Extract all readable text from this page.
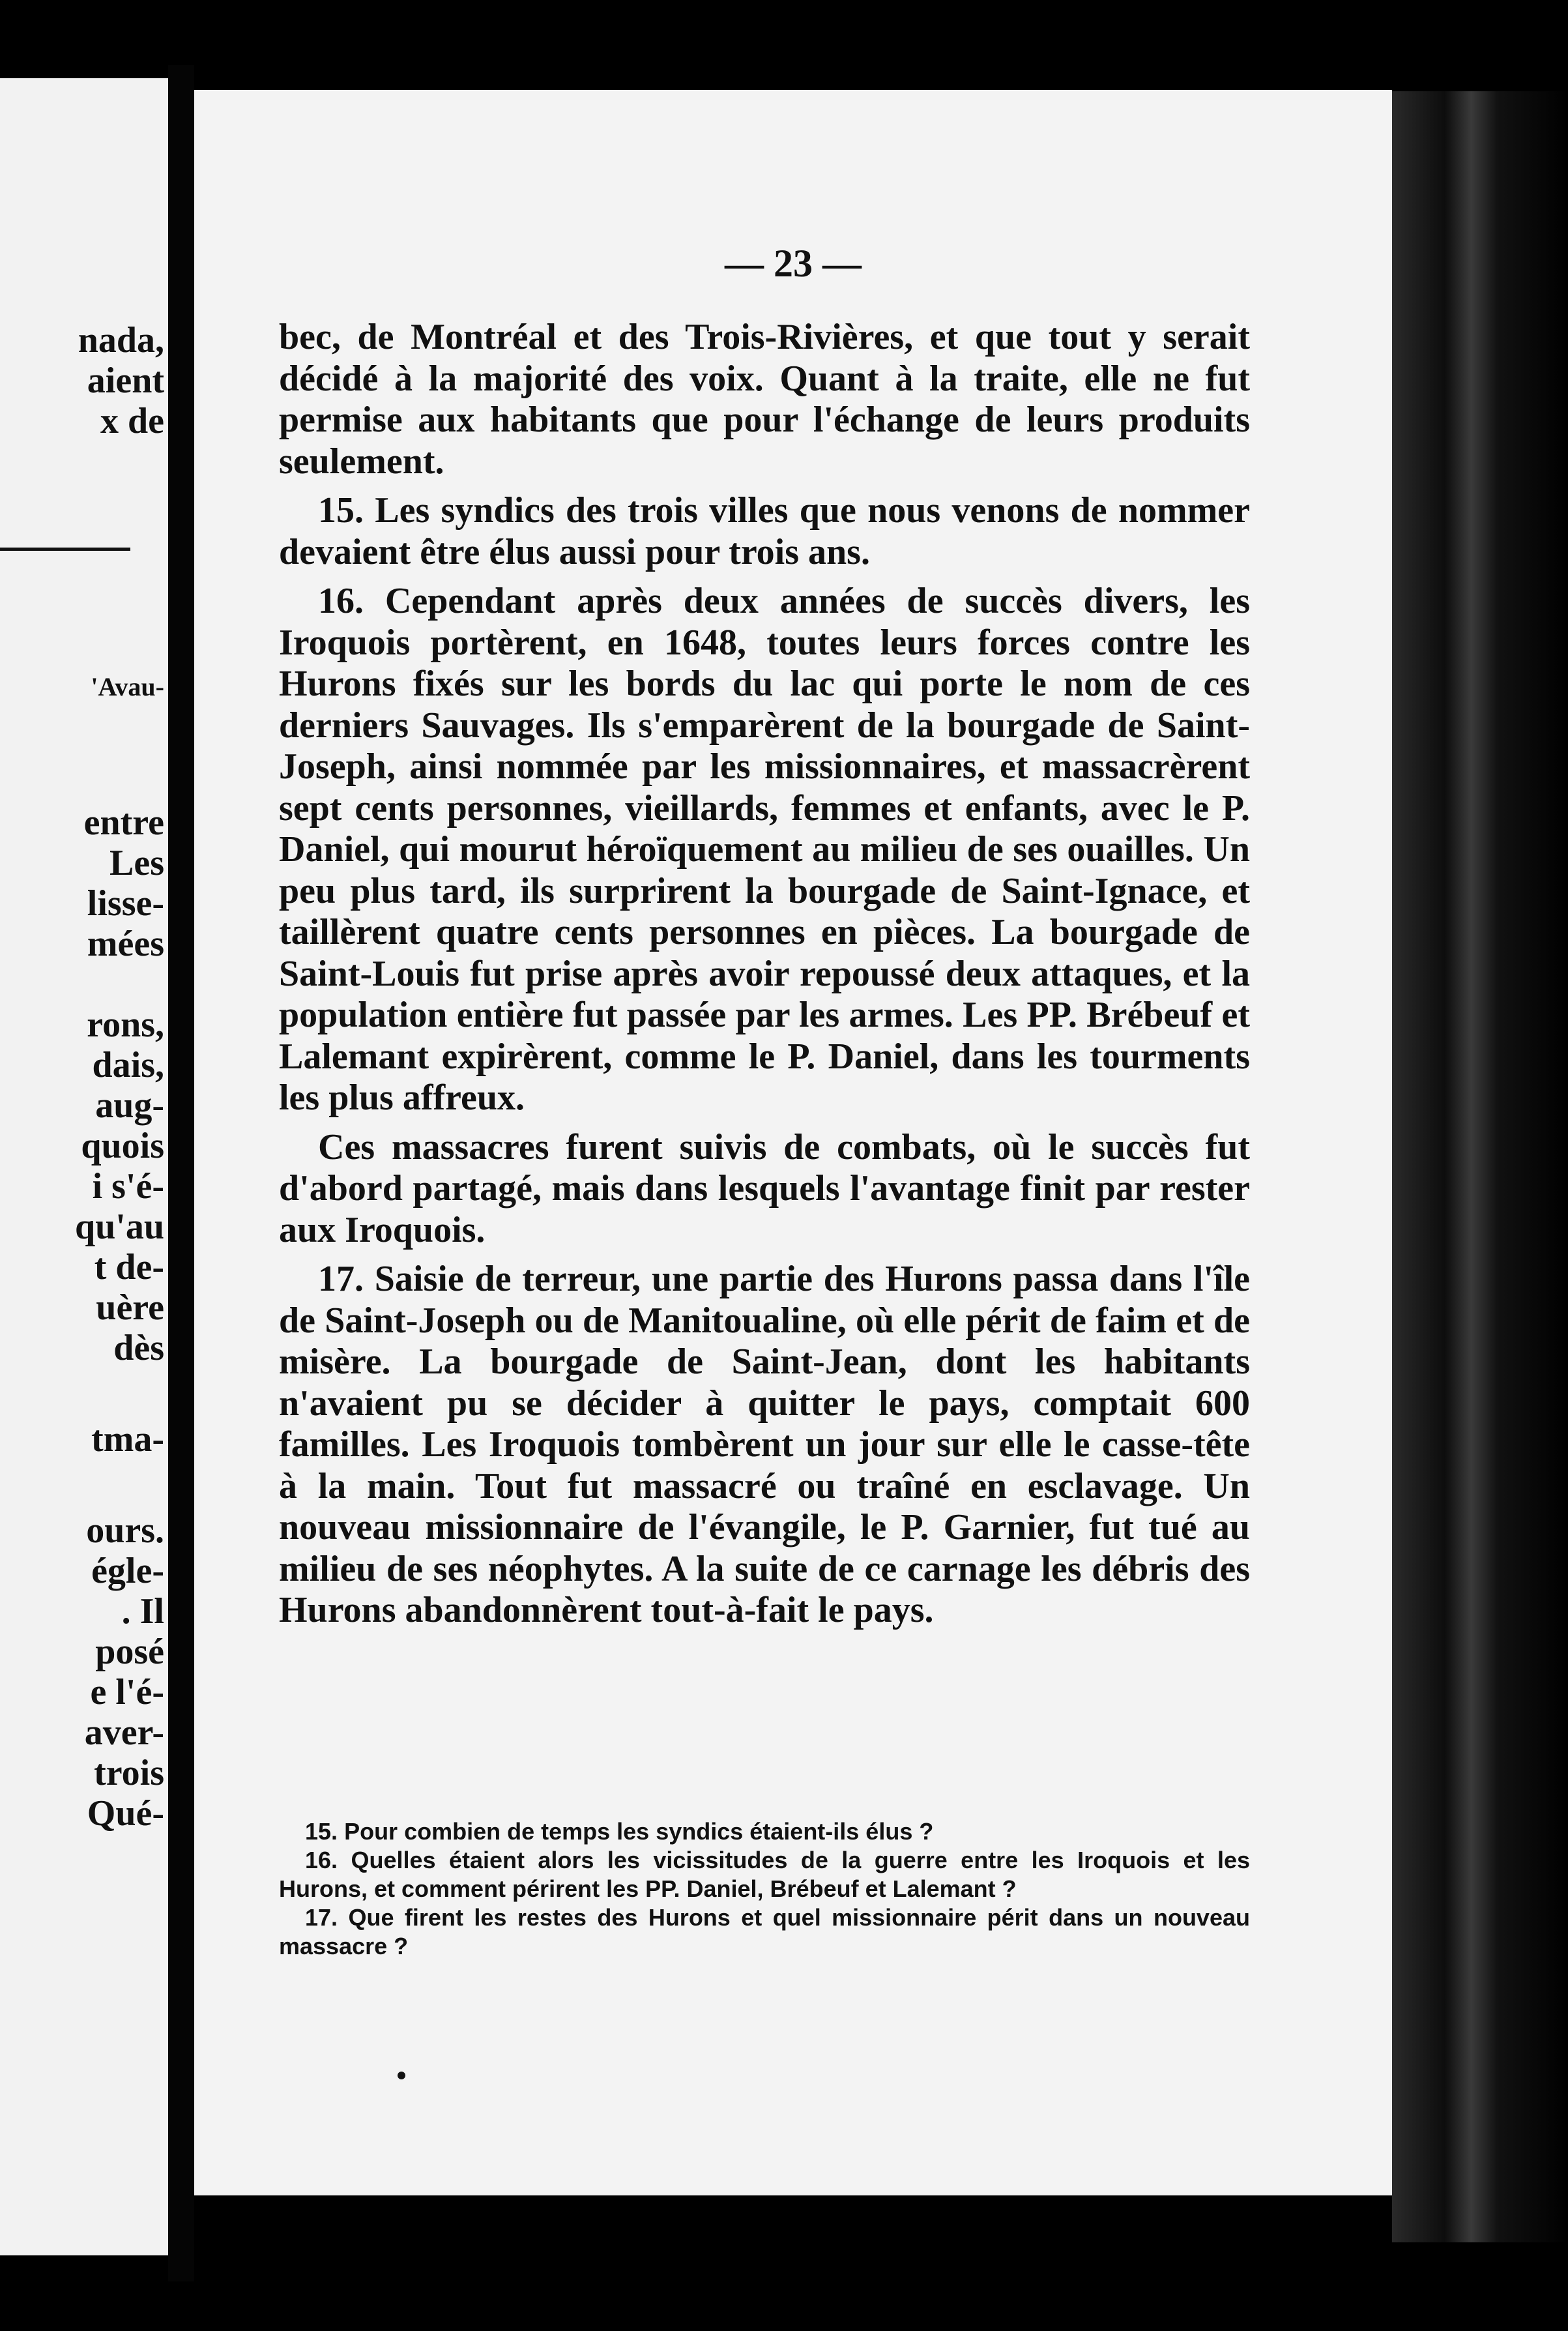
nada,
aient
x de
'Avau-
entre
Les
lisse-
mées
rons,
dais,
aug-
quois
i s'é-
qu'au
t de-
uère
dès
tma-
ours.
égle-
. Il
posé
e l'é-
aver-
trois
Qué-
— 23 —

bec, de Montréal et des Trois-Rivières, et que tout y serait décidé à la majorité des voix. Quant à la traite, elle ne fut permise aux habitants que pour l'échange de leurs produits seulement.

15. Les syndics des trois villes que nous venons de nommer devaient être élus aussi pour trois ans.

16. Cependant après deux années de succès divers, les Iroquois portèrent, en 1648, toutes leurs forces contre les Hurons fixés sur les bords du lac qui porte le nom de ces derniers Sauvages. Ils s'emparèrent de la bourgade de Saint-Joseph, ainsi nommée par les missionnaires, et massacrèrent sept cents personnes, vieillards, femmes et enfants, avec le P. Daniel, qui mourut héroïquement au milieu de ses ouailles. Un peu plus tard, ils surprirent la bourgade de Saint-Ignace, et taillèrent quatre cents personnes en pièces. La bourgade de Saint-Louis fut prise après avoir repoussé deux attaques, et la population entière fut passée par les armes. Les PP. Brébeuf et Lalemant expirèrent, comme le P. Daniel, dans les tourments les plus affreux.

Ces massacres furent suivis de combats, où le succès fut d'abord partagé, mais dans lesquels l'avantage finit par rester aux Iroquois.

17. Saisie de terreur, une partie des Hurons passa dans l'île de Saint-Joseph ou de Manitoualine, où elle périt de faim et de misère. La bourgade de Saint-Jean, dont les habitants n'avaient pu se décider à quitter le pays, comptait 600 familles. Les Iroquois tombèrent un jour sur elle le casse-tête à la main. Tout fut massacré ou traîné en esclavage. Un nouveau missionnaire de l'évangile, le P. Garnier, fut tué au milieu de ses néophytes. A la suite de ce carnage les débris des Hurons abandonnèrent tout-à-fait le pays.

15. Pour combien de temps les syndics étaient-ils élus ?

16. Quelles étaient alors les vicissitudes de la guerre entre les Iroquois et les Hurons, et comment périrent les PP. Daniel, Brébeuf et Lalemant ?

17. Que firent les restes des Hurons et quel missionnaire périt dans un nouveau massacre ?
